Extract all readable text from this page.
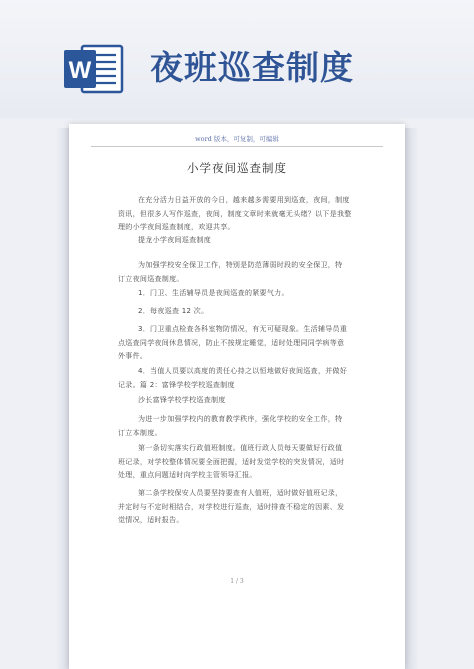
W 夜班巡查制度
word 版本，可复制，可编辑
小学夜间巡查制度
在充分活力日益开放的今日，越来越多需要用到巡查，夜间，制度
资讯，但很多人写作巡查，夜间，制度文章时来就毫无头绪？以下是我整
理的小学夜间巡查制度，欢迎共享。
提龙小学夜间巡查制度
为加强学校安全保卫工作，特别是防范薄弱时段的安全保卫，特
订立夜间巡查制度。
1．门卫、生活辅导员是夜间巡查的紧要气力。
2．每夜巡查 12 次。
3．门卫重点检查各科室物防情况，有无可疑现象。生活辅导员重
点巡查同学夜间休息情况，防止不按规定睡觉，适时处理同同学病等意
外事件。
4．当值人员要以高度的责任心持之以恒地做好夜间巡查，并做好
记录。篇 2：富锋学校学校巡查制度
沙长富锋学校学校巡查制度
为进一步加强学校内的教育教学秩序，强化学校的安全工作，特
订立本制度。
第一条切实落实行政值班制度。值班行政人员每天要做好行政值
班记录，对学校整体情况要全面把握，适时发觉学校的突发情况，适时
处理，重点问题适时向学校主管领导汇报。
第二条学校保安人员要坚持要查有人值班，适时做好值班记录，
并定时与不定时相结合，对学校进行巡查，适时排查不稳定的因素、发
觉情况，适时报告。
1 / 3
